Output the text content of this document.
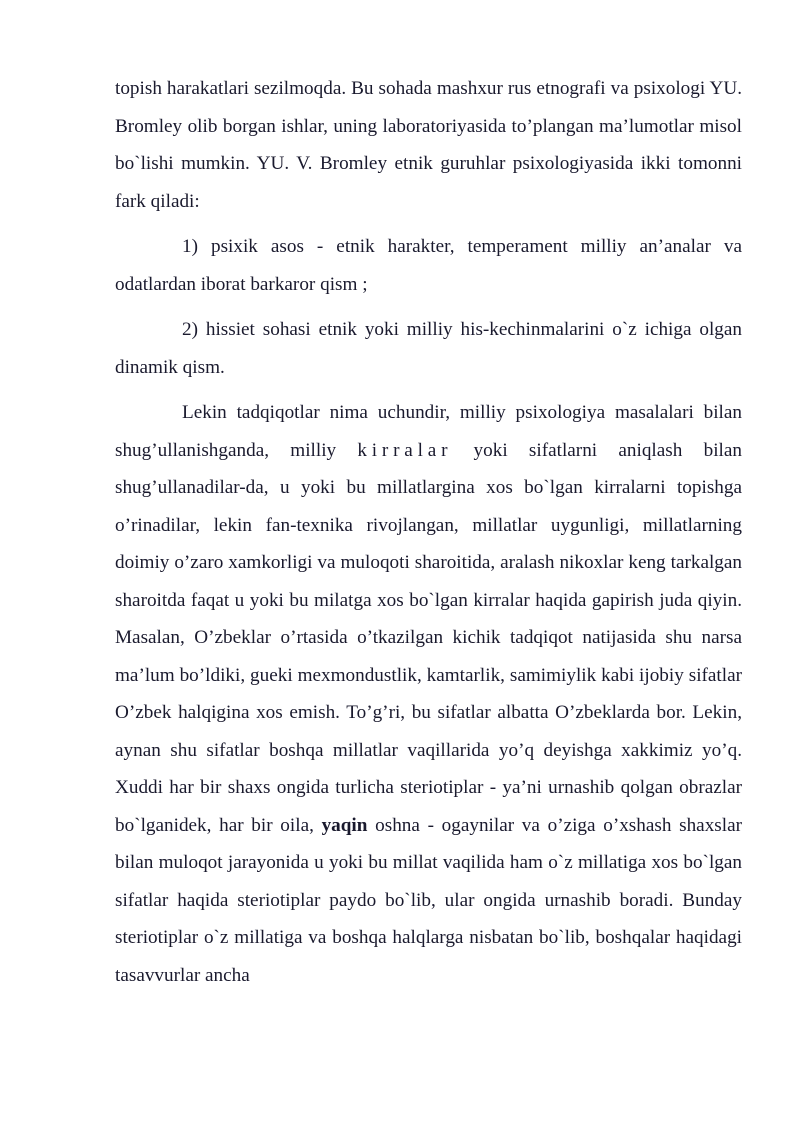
topish harakatlari sezilmoqda. Bu sohada mashxur rus etnografi va psixologi YU. Bromley olib borgan ishlar, uning laboratoriyasida to’plangan ma’lumotlar misol bo`lishi mumkin. YU. V. Bromley etnik guruhlar psixologiyasida ikki tomonni fark qiladi:

1) psixik asos - etnik harakter, temperament milliy an’analar va odatlardan iborat barkaror qism ;

2) hissiet sohasi etnik yoki milliy his-kechinmalarini o`z ichiga olgan dinamik qism.

Lekin tadqiqotlar nima uchundir, milliy psixologiya masalalari bilan shug’ullanishganda, milliy kirralar yoki sifatlarni aniqlash bilan shug’ullanadilar-da, u yoki bu millatlargina xos bo`lgan kirralarni topishga o’rinadilar, lekin fan-texnika rivojlangan, millatlar uygunligi, millatlarning doimiy o’zaro xamkorligi va muloqoti sharoitida, aralash nikoxlar keng tarkalgan sharoitda faqat u yoki bu milatga xos bo`lgan kirralar haqida gapirish juda qiyin. Masalan, O’zbeklar o’rtasida o’tkazilgan kichik tadqiqot natijasida shu narsa ma’lum bo’ldiki, gueki mexmondustlik, kamtarlik, samimiylik kabi ijobiy sifatlar O’zbek halqigina xos emish. To’g’ri, bu sifatlar albatta O’zbeklarda bor. Lekin, aynan shu sifatlar boshqa millatlar vaqillarida yo’q deyishga xakkimiz yo’q. Xuddi har bir shaxs ongida turlicha steriotiplar - ya’ni urnashib qolgan obrazlar bo`lganidek, har bir oila, yaqin oshna - ogaynilar va o’ziga o’xshash shaxslar bilan muloqot jarayonida u yoki bu millat vaqilida ham o`z millatiga xos bo`lgan sifatlar haqida steriotiplar paydo bo`lib, ular ongida urnashib boradi. Bunday steriotiplar o`z millatiga va boshqa halqlarga nisbatan bo`lib, boshqalar haqidagi tasavvurlar ancha
